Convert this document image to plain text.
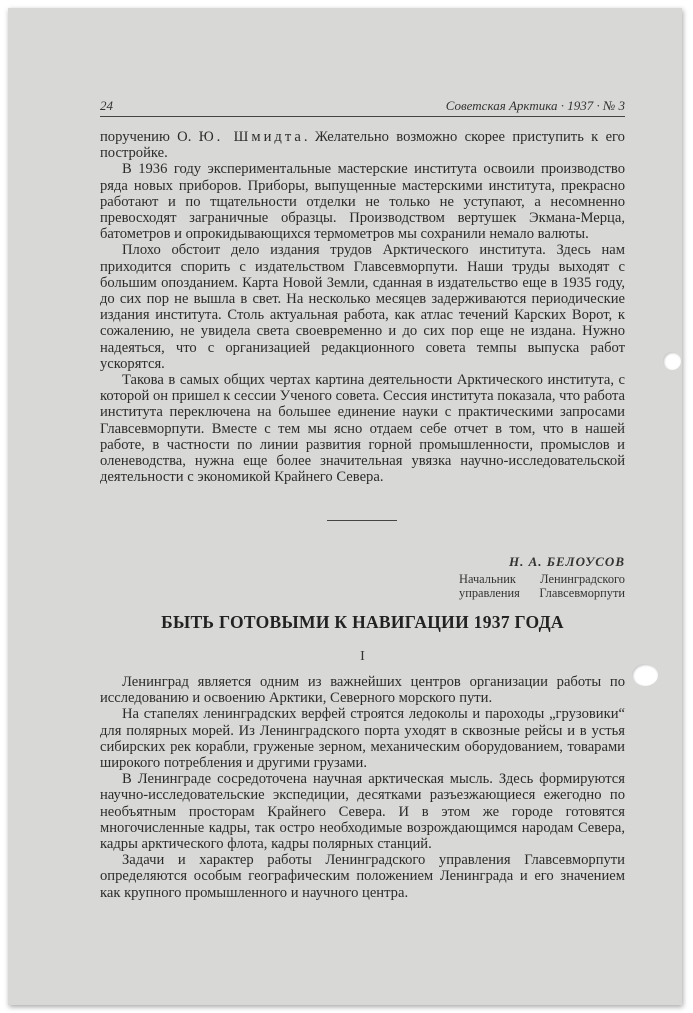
24	Советская Арктика · 1937 · № 3

поручению О. Ю. Шмидта. Желательно возможно скорее приступить к его постройке.

В 1936 году экспериментальные мастерские института освоили производство ряда новых приборов. Приборы, выпущенные мастерскими института, прекрасно работают и по тщательности отделки не только не уступают, а несомненно превосходят заграничные образцы. Производством вертушек Экмана-Мерца, батометров и опрокидывающихся термометров мы сохранили немало валюты.

Плохо обстоит дело издания трудов Арктического института. Здесь нам приходится спорить с издательством Главсевморпути. Наши труды выходят с большим опозданием. Карта Новой Земли, сданная в издательство еще в 1935 году, до сих пор не вышла в свет. На несколько месяцев задерживаются периодические издания института. Столь актуальная работа, как атлас течений Карских Ворот, к сожалению, не увидела света своевременно и до сих пор еще не издана. Нужно надеяться, что с организацией редакционного совета темпы выпуска работ ускорятся.

Такова в самых общих чертах картина деятельности Арктического института, с которой он пришел к сессии Ученого совета. Сессия института показала, что работа института переключена на большее единение науки с практическими запросами Главсевморпути. Вместе с тем мы ясно отдаем себе отчет в том, что в нашей работе, в частности по линии развития горной промышленности, промыслов и оленеводства, нужна еще более значительная увязка научно-исследовательской деятельности с экономикой Крайнего Севера.

Н. А. БЕЛОУСОВ
Начальник Ленинградского
управления Главсевморпути
БЫТЬ ГОТОВЫМИ К НАВИГАЦИИ 1937 ГОДА
I

Ленинград является одним из важнейших центров организации работы по исследованию и освоению Арктики, Северного морского пути.

На стапелях ленинградских верфей строятся ледоколы и пароходы „грузовики“ для полярных морей. Из Ленинградского порта уходят в сквозные рейсы и в устья сибирских рек корабли, груженые зерном, механическим оборудованием, товарами широкого потребления и другими грузами.

В Ленинграде сосредоточена научная арктическая мысль. Здесь формируются научно-исследовательские экспедиции, десятками разъезжающиеся ежегодно по необъятным просторам Крайнего Севера. И в этом же городе готовятся многочисленные кадры, так остро необходимые возрождающимся народам Севера, кадры арктического флота, кадры полярных станций.

Задачи и характер работы Ленинградского управления Главсевморпути определяются особым географическим положением Ленинграда и его значением как крупного промышленного и научного центра.
